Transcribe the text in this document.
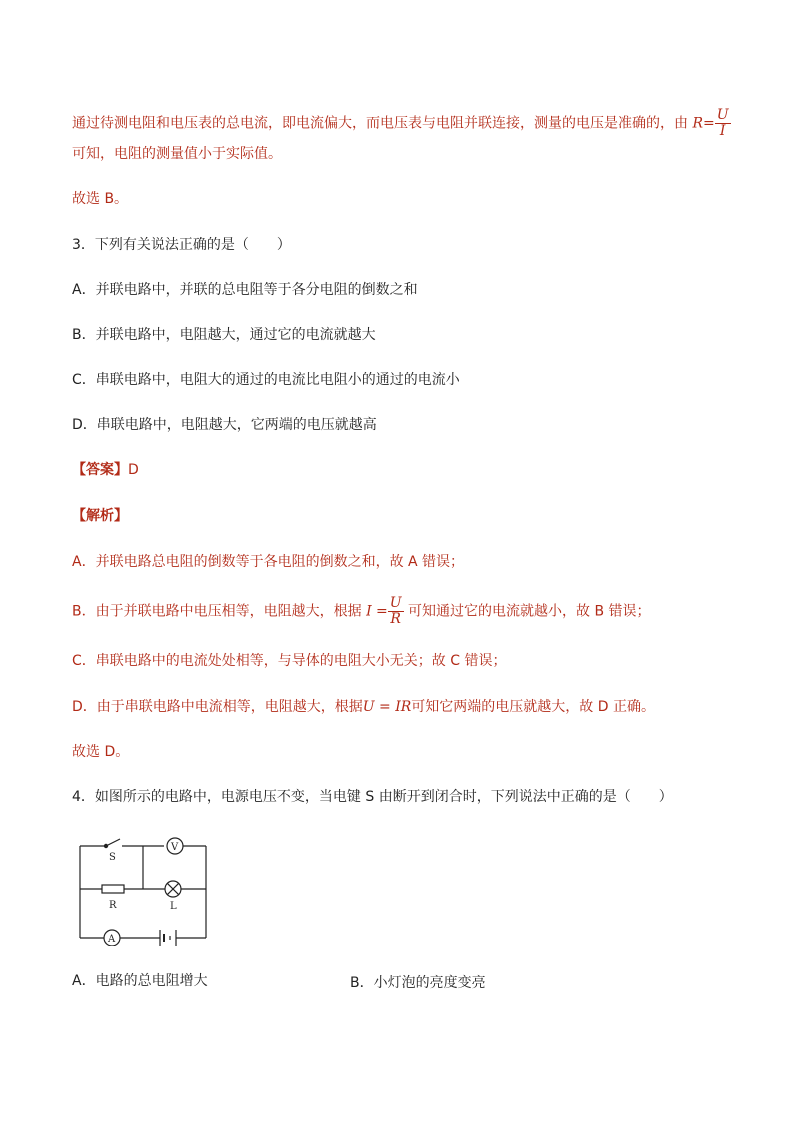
通过待测电阻和电压表的总电流，即电流偏大，而电压表与电阻并联连接，测量的电压是准确的，由 $R= \frac{U}{I}$
可知，电阻的测量值小于实际值。
故选 B。
3．下列有关说法正确的是（　　）
A．并联电路中，并联的总电阻等于各分电阻的倒数之和
B．并联电路中，电阻越大，通过它的电流就越大
C．串联电路中，电阻大的通过的电流比电阻小的通过的电流小
D．串联电路中，电阻越大，它两端的电压就越高
【答案】D
【解析】
A．并联电路总电阻的倒数等于各电阻的倒数之和，故 A 错误；
B．由于并联电路中电压相等，电阻越大，根据 $I = \frac{U}{R}$ 可知通过它的电流就越小，故 B 错误；
C．串联电路中的电流处处相等，与导体的电阻大小无关；故 C 错误；
D．由于串联电路中电流相等，电阻越大，根据U = IR可知它两端的电压就越大，故 D 正确。
故选 D。
4．如图所示的电路中，电源电压不变，当电键 S 由断开到闭合时，下列说法中正确的是（　　）
S
V
R	L
A
A．电路的总电阻增大	B．小灯泡的亮度变亮
